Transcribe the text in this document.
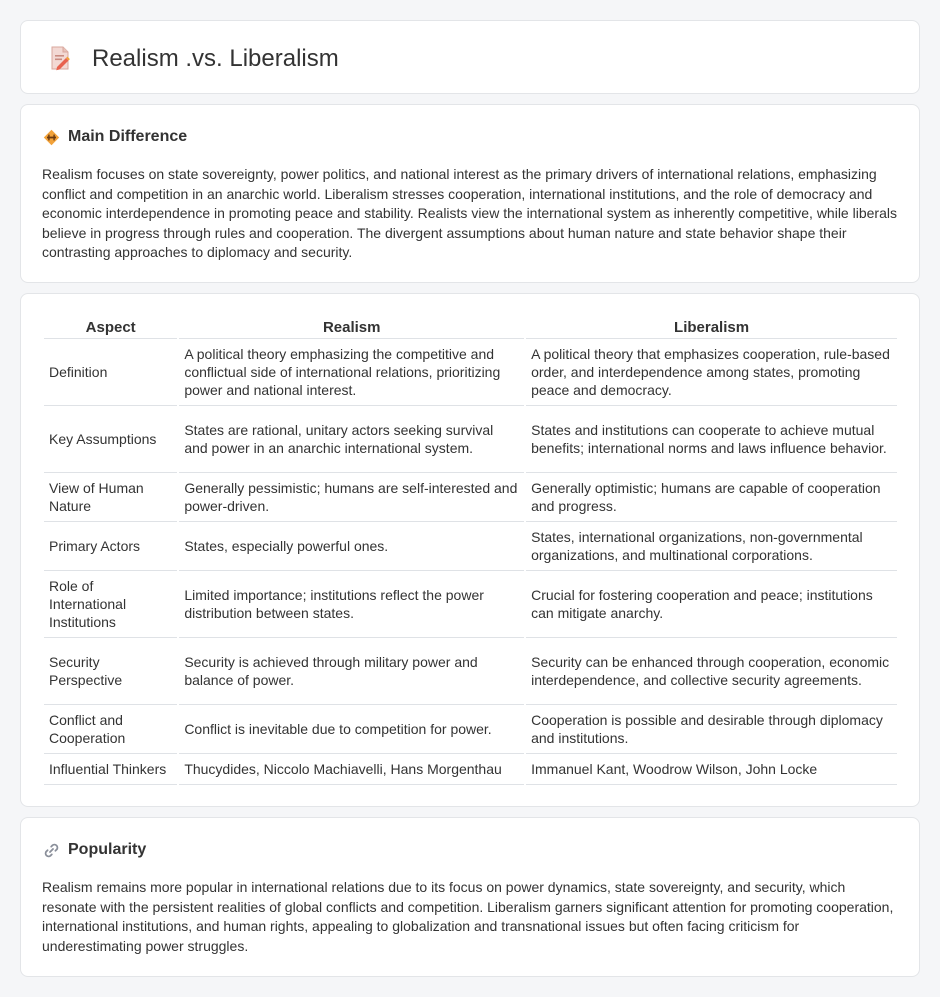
Realism .vs. Liberalism
Main Difference

Realism focuses on state sovereignty, power politics, and national interest as the primary drivers of international relations, emphasizing conflict and competition in an anarchic world. Liberalism stresses cooperation, international institutions, and the role of democracy and economic interdependence in promoting peace and stability. Realists view the international system as inherently competitive, while liberals believe in progress through rules and cooperation. The divergent assumptions about human nature and state behavior shape their contrasting approaches to diplomacy and security.

Aspect	Realism	Liberalism
Definition	A political theory emphasizing the competitive and conflictual side of international relations, prioritizing power and national interest.	A political theory that emphasizes cooperation, rule-based order, and interdependence among states, promoting peace and democracy.
Key Assumptions	States are rational, unitary actors seeking survival and power in an anarchic international system.	States and institutions can cooperate to achieve mutual benefits; international norms and laws influence behavior.
View of Human Nature	Generally pessimistic; humans are self-interested and power-driven.	Generally optimistic; humans are capable of cooperation and progress.
Primary Actors	States, especially powerful ones.	States, international organizations, non-governmental organizations, and multinational corporations.
Role of International Institutions	Limited importance; institutions reflect the power distribution between states.	Crucial for fostering cooperation and peace; institutions can mitigate anarchy.
Security Perspective	Security is achieved through military power and balance of power.	Security can be enhanced through cooperation, economic interdependence, and collective security agreements.
Conflict and Cooperation	Conflict is inevitable due to competition for power.	Cooperation is possible and desirable through diplomacy and institutions.
Influential Thinkers	Thucydides, Niccolo Machiavelli, Hans Morgenthau	Immanuel Kant, Woodrow Wilson, John Locke
Popularity

Realism remains more popular in international relations due to its focus on power dynamics, state sovereignty, and security, which resonate with the persistent realities of global conflicts and competition. Liberalism garners significant attention for promoting cooperation, international institutions, and human rights, appealing to globalization and transnational issues but often facing criticism for underestimating power struggles.
